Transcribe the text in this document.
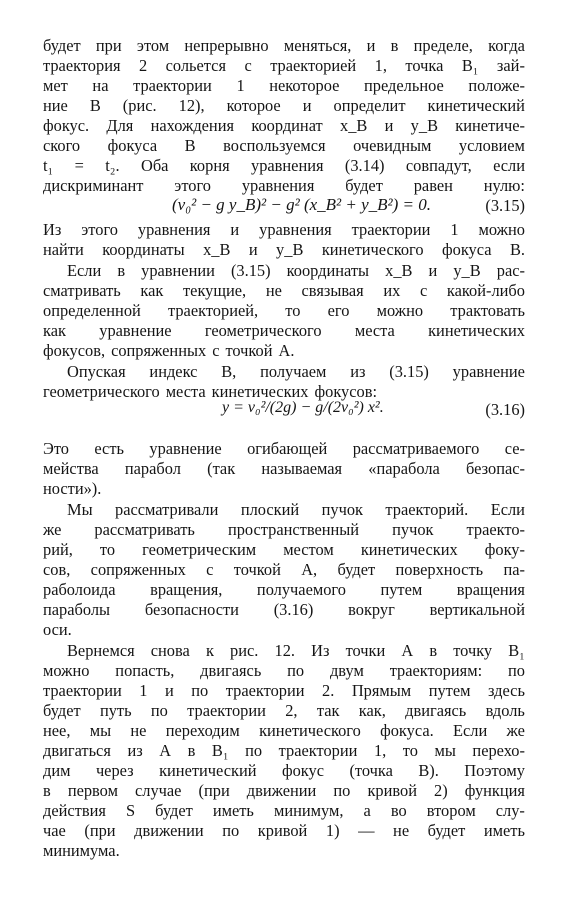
будет при этом непрерывно меняться, и в пределе, когда
траектория 2 сольется с траекторией 1, точка B₁ зай-
мет на траектории 1 некоторое предельное положе-
ние B (рис. 12), которое и определит кинетический
фокус. Для нахождения координат x_B и y_B кинетиче-
ского фокуса B воспользуемся очевидным условием
t₁ = t₂. Оба корня уравнения (3.14) совпадут, если
дискриминант этого уравнения будет равен нулю:
(v₀² − g y_B)² − g² (x_B² + y_B²) = 0.	(3.15)
Из этого уравнения и уравнения траектории 1 можно
найти координаты x_B и y_B кинетического фокуса B.
Если в уравнении (3.15) координаты x_B и y_B рас-
сматривать как текущие, не связывая их с какой-либо
определенной траекторией, то его можно трактовать
как уравнение геометрического места кинетических
фокусов, сопряженных с точкой A.
Опуская индекс B, получаем из (3.15) уравнение
геометрического места кинетических фокусов:
y = v₀²/(2g) − g/(2v₀²) x².	(3.16)
Это есть уравнение огибающей рассматриваемого се-
мейства парабол (так называемая «парабола безопас-
ности»).
Мы рассматривали плоский пучок траекторий. Если
же рассматривать пространственный пучок траекто-
рий, то геометрическим местом кинетических фоку-
сов, сопряженных с точкой A, будет поверхность па-
раболоида вращения, получаемого путем вращения
параболы безопасности (3.16) вокруг вертикальной
оси.
Вернемся снова к рис. 12. Из точки A в точку B₁
можно попасть, двигаясь по двум траекториям: по
траектории 1 и по траектории 2. Прямым путем здесь
будет путь по траектории 2, так как, двигаясь вдоль
нее, мы не переходим кинетического фокуса. Если же
двигаться из A в B₁ по траектории 1, то мы перехо-
дим через кинетический фокус (точка B). Поэтому
в первом случае (при движении по кривой 2) функция
действия S будет иметь минимум, а во втором слу-
чае (при движении по кривой 1) — не будет иметь
минимума.
